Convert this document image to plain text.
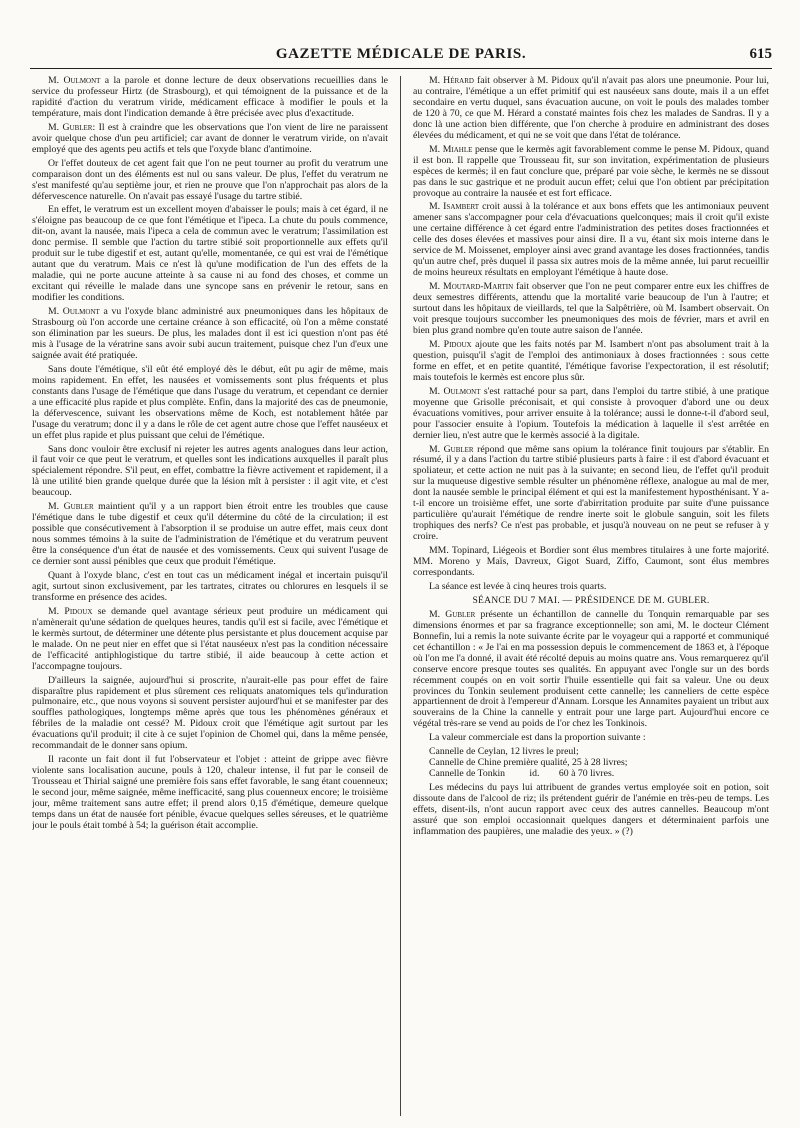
GAZETTE MÉDICALE DE PARIS.	615

M. Oulmont a la parole et donne lecture de deux observations recueillies dans le service du professeur Hirtz (de Strasbourg), et qui témoignent de la puissance et de la rapidité d'action du veratrum viride, médicament efficace à modifier le pouls et la température, mais dont l'indication demande à être précisée avec plus d'exactitude.

M. Gubler: Il est à craindre que les observations que l'on vient de lire ne paraissent avoir quelque chose d'un peu artificiel; car avant de donner le veratrum viride, on n'avait employé que des agents peu actifs et tels que l'oxyde blanc d'antimoine.

Or l'effet douteux de cet agent fait que l'on ne peut tourner au profit du veratrum une comparaison dont un des éléments est nul ou sans valeur. De plus, l'effet du veratrum ne s'est manifesté qu'au septième jour, et rien ne prouve que l'on n'approchait pas alors de la défervescence naturelle. On n'avait pas essayé l'usage du tartre stibié.

En effet, le veratrum est un excellent moyen d'abaisser le pouls; mais à cet égard, il ne s'éloigne pas beaucoup de ce que font l'émétique et l'ipeca. La chute du pouls commence, dit-on, avant la nausée, mais l'ipeca a cela de commun avec le veratrum; l'assimilation est donc permise. Il semble que l'action du tartre stibié soit proportionnelle aux effets qu'il produit sur le tube digestif et est, autant qu'elle, momentanée, ce qui est vrai de l'émétique autant que du veratrum. Mais ce n'est là qu'une modification de l'un des effets de la maladie, qui ne porte aucune atteinte à sa cause ni au fond des choses, et comme un excitant qui réveille le malade dans une syncope sans en prévenir le retour, sans en modifier les conditions.

M. Oulmont a vu l'oxyde blanc administré aux pneumoniques dans les hôpitaux de Strasbourg où l'on accorde une certaine créance à son efficacité, où l'on a même constaté son élimination par les sueurs. De plus, les malades dont il est ici question n'ont pas été mis à l'usage de la vératrine sans avoir subi aucun traitement, puisque chez l'un d'eux une saignée avait été pratiquée.

Sans doute l'émétique, s'il eût été employé dès le début, eût pu agir de même, mais moins rapidement. En effet, les nausées et vomissements sont plus fréquents et plus constants dans l'usage de l'émétique que dans l'usage du veratrum, et cependant ce dernier a une efficacité plus rapide et plus complète. Enfin, dans la majorité des cas de pneumonie, la défervescence, suivant les observations même de Koch, est notablement hâtée par l'usage du veratrum; donc il y a dans le rôle de cet agent autre chose que l'effet nauséeux et un effet plus rapide et plus puissant que celui de l'émétique.

Sans donc vouloir être exclusif ni rejeter les autres agents analogues dans leur action, il faut voir ce que peut le veratrum, et quelles sont les indications auxquelles il paraît plus spécialement répondre. S'il peut, en effet, combattre la fièvre activement et rapidement, il a là une utilité bien grande quelque durée que la lésion mît à persister : il agit vite, et c'est beaucoup.

M. Gubler maintient qu'il y a un rapport bien étroit entre les troubles que cause l'émétique dans le tube digestif et ceux qu'il détermine du côté de la circulation; il est possible que consécutivement à l'absorption il se produise un autre effet, mais ceux dont nous sommes témoins à la suite de l'administration de l'émétique et du veratrum peuvent être la conséquence d'un état de nausée et des vomissements. Ceux qui suivent l'usage de ce dernier sont aussi pénibles que ceux que produit l'émétique.

Quant à l'oxyde blanc, c'est en tout cas un médicament inégal et incertain puisqu'il agit, surtout sinon exclusivement, par les tartrates, citrates ou chlorures en lesquels il se transforme en présence des acides.

M. Pidoux se demande quel avantage sérieux peut produire un médicament qui n'amènerait qu'une sédation de quelques heures, tandis qu'il est si facile, avec l'émétique et le kermès surtout, de déterminer une détente plus persistante et plus doucement acquise par le malade. On ne peut nier en effet que si l'état nauséeux n'est pas la condition nécessaire de l'efficacité antiphlogistique du tartre stibié, il aide beaucoup à cette action et l'accompagne toujours.

D'ailleurs la saignée, aujourd'hui si proscrite, n'aurait-elle pas pour effet de faire disparaître plus rapidement et plus sûrement ces reliquats anatomiques tels qu'induration pulmonaire, etc., que nous voyons si souvent persister aujourd'hui et se manifester par des souffles pathologiques, longtemps même après que tous les phénomènes généraux et fébriles de la maladie ont cessé? M. Pidoux croit que l'émétique agit surtout par les évacuations qu'il produit; il cite à ce sujet l'opinion de Chomel qui, dans la même pensée, recommandait de le donner sans opium.

Il raconte un fait dont il fut l'observateur et l'objet : atteint de grippe avec fièvre violente sans localisation aucune, pouls à 120, chaleur intense, il fut par le conseil de Trousseau et Thirial saigné une première fois sans effet favorable, le sang étant couenneux; le second jour, même saignée, même inefficacité, sang plus couenneux encore; le troisième jour, même traitement sans autre effet; il prend alors 0,15 d'émétique, demeure quelque temps dans un état de nausée fort pénible, évacue quelques selles séreuses, et le quatrième jour le pouls était tombé à 54; la guérison était accomplie.

M. Hérard fait observer à M. Pidoux qu'il n'avait pas alors une pneumonie. Pour lui, au contraire, l'émétique a un effet primitif qui est nauséeux sans doute, mais il a un effet secondaire en vertu duquel, sans évacuation aucune, on voit le pouls des malades tomber de 120 à 70, ce que M. Hérard a constaté maintes fois chez les malades de Sandras. Il y a donc là une action bien différente, que l'on cherche à produire en administrant des doses élevées du médicament, et qui ne se voit que dans l'état de tolérance.

M. Miahle pense que le kermès agit favorablement comme le pense M. Pidoux, quand il est bon. Il rappelle que Trousseau fit, sur son invitation, expérimentation de plusieurs espèces de kermès; il en faut conclure que, préparé par voie sèche, le kermès ne se dissout pas dans le suc gastrique et ne produit aucun effet; celui que l'on obtient par précipitation provoque au contraire la nausée et est fort efficace.

M. Isambert croit aussi à la tolérance et aux bons effets que les antimoniaux peuvent amener sans s'accompagner pour cela d'évacuations quelconques; mais il croit qu'il existe une certaine différence à cet égard entre l'administration des petites doses fractionnées et celle des doses élevées et massives pour ainsi dire. Il a vu, étant six mois interne dans le service de M. Moissenet, employer ainsi avec grand avantage les doses fractionnées, tandis qu'un autre chef, près duquel il passa six autres mois de la même année, lui parut recueillir de moins heureux résultats en employant l'émétique à haute dose.

M. Moutard-Martin fait observer que l'on ne peut comparer entre eux les chiffres de deux semestres différents, attendu que la mortalité varie beaucoup de l'un à l'autre; et surtout dans les hôpitaux de vieillards, tel que la Salpêtrière, où M. Isambert observait. On voit presque toujours succomber les pneumoniques des mois de février, mars et avril en bien plus grand nombre qu'en toute autre saison de l'année.

M. Pidoux ajoute que les faits notés par M. Isambert n'ont pas absolument trait à la question, puisqu'il s'agit de l'emploi des antimoniaux à doses fractionnées : sous cette forme en effet, et en petite quantité, l'émétique favorise l'expectoration, il est résolutif; mais toutefois le kermès est encore plus sûr.

M. Oulmont s'est rattaché pour sa part, dans l'emploi du tartre stibié, à une pratique moyenne que Grisolle préconisait, et qui consiste à provoquer d'abord une ou deux évacuations vomitives, pour arriver ensuite à la tolérance; aussi le donne-t-il d'abord seul, pour l'associer ensuite à l'opium. Toutefois la médication à laquelle il s'est arrêtée en dernier lieu, n'est autre que le kermès associé à la digitale.

M. Gubler répond que même sans opium la tolérance finit toujours par s'établir. En résumé, il y a dans l'action du tartre stibié plusieurs parts à faire : il est d'abord évacuant et spoliateur, et cette action ne nuit pas à la suivante; en second lieu, de l'effet qu'il produit sur la muqueuse digestive semble résulter un phénomène réflexe, analogue au mal de mer, dont la nausée semble le principal élément et qui est la manifestement hyposthénisant. Y a-t-il encore un troisième effet, une sorte d'abirritation produite par suite d'une puissance particulière qu'aurait l'émétique de rendre inerte soit le globule sanguin, soit les filets trophiques des nerfs? Ce n'est pas probable, et jusqu'à nouveau on ne peut se refuser à y croire.

MM. Topinard, Liégeois et Bordier sont élus membres titulaires à une forte majorité. MM. Moreno y Maïs, Davreux, Gigot Suard, Ziffo, Caumont, sont élus membres correspondants.

La séance est levée à cinq heures trois quarts.

SÉANCE DU 7 MAI. — PRÉSIDENCE DE M. GUBLER.

M. Gubler présente un échantillon de cannelle du Tonquin remarquable par ses dimensions énormes et par sa fragrance exceptionnelle; son ami, M. le docteur Clément Bonnefin, lui a remis la note suivante écrite par le voyageur qui a rapporté et communiqué cet échantillon : « Je l'ai en ma possession depuis le commencement de 1863 et, à l'époque où l'on me l'a donné, il avait été récolté depuis au moins quatre ans. Vous remarquerez qu'il conserve encore presque toutes ses qualités. En appuyant avec l'ongle sur un des bords récemment coupés on en voit sortir l'huile essentielle qui fait sa valeur. Une ou deux provinces du Tonkin seulement produisent cette cannelle; les canneliers de cette espèce appartiennent de droit à l'empereur d'Annam. Lorsque les Annamites payaient un tribut aux souverains de la Chine la cannelle y entrait pour une large part. Aujourd'hui encore ce végétal très-rare se vend au poids de l'or chez les Tonkinois.

La valeur commerciale est dans la proportion suivante :

Cannelle de Ceylan, 12 livres le preul;
Cannelle de Chine première qualité, 25 à 28 livres;
Cannelle de Tonkin          id.        60 à 70 livres.

Les médecins du pays lui attribuent de grandes vertus employée soit en potion, soit dissoute dans de l'alcool de riz; ils prétendent guérir de l'anémie en très-peu de temps. Les effets, disent-ils, n'ont aucun rapport avec ceux des autres cannelles. Beaucoup m'ont assuré que son emploi occasionnait quelques dangers et déterminaient parfois une inflammation des paupières, une maladie des yeux. » (?)
